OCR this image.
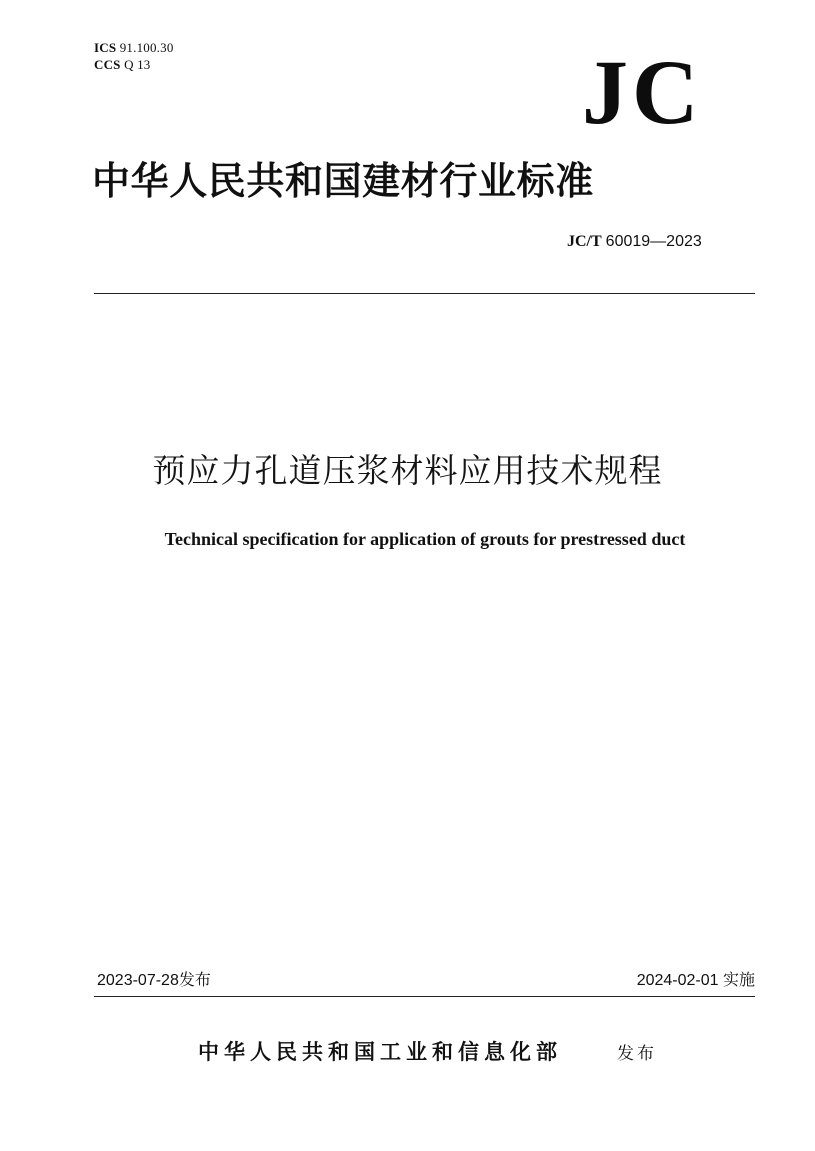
ICS 91.100.30
CCS Q 13	JC
中华人民共和国建材行业标准
JC/T 60019—2023
预应力孔道压浆材料应用技术规程
Technical specification for application of grouts for prestressed duct
2023-07-28发布	2024-02-01 实施
中华人民共和国工业和信息化部	发布
